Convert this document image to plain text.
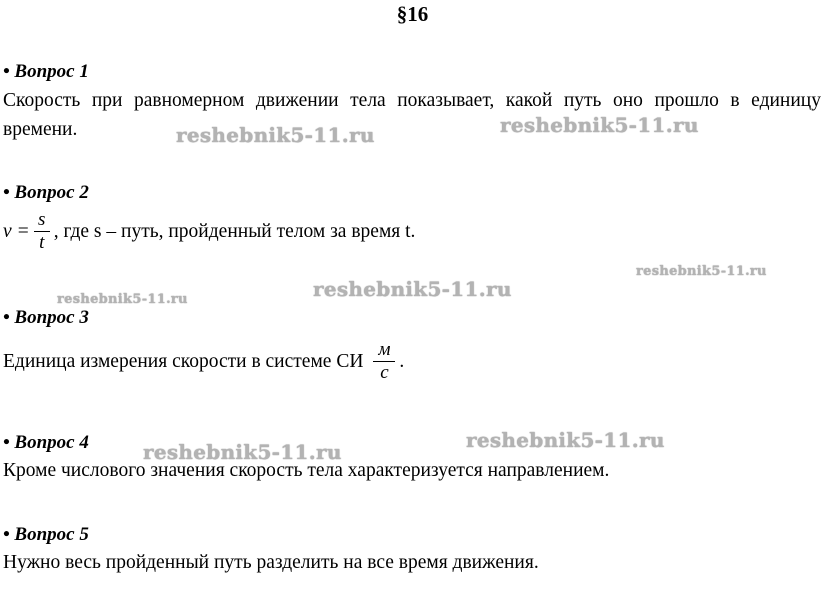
§16
• Вопрос 1
Скорость при равномерном движении тела показывает, какой путь оно прошло в единицу времени.
• Вопрос 2
$v = \frac{s}{t}$ , где s – путь, пройденный телом за время t.
• Вопрос 3
Единица измерения скорости в системе СИ $\frac{м}{с}$ .
• Вопрос 4
Кроме числового значения скорость тела характеризуется направлением.
• Вопрос 5
Нужно весь пройденный путь разделить на все время движения.
reshebnik5-11.ru	reshebnik5-11.ru
reshebnik5-11.ru
reshebnik5-11.ru
reshebnik5-11.ru
reshebnik5-11.ru
reshebnik5-11.ru
